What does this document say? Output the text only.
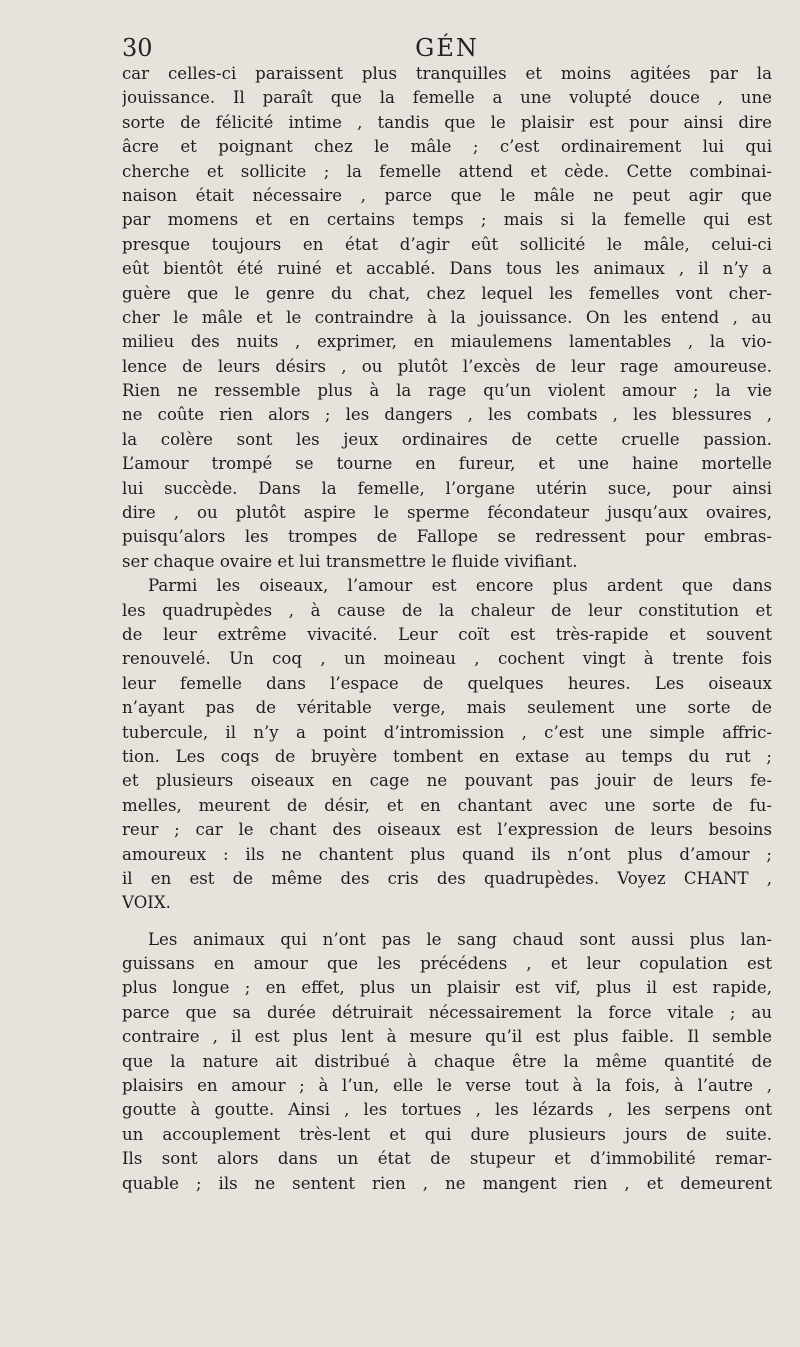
30	GÉN
car celles-ci paraissent plus tranquilles et moins agitées par la
jouissance. Il paraît que la femelle a une volupté douce , une
sorte de félicité intime , tandis que le plaisir est pour ainsi dire
âcre et poignant chez le mâle ; c’est ordinairement lui qui
cherche et sollicite ; la femelle attend et cède. Cette combinai-
naison était nécessaire , parce que le mâle ne peut agir que
par momens et en certains temps ; mais si la femelle qui est
presque toujours en état d’agir eût sollicité le mâle, celui-ci
eût bientôt été ruiné et accablé. Dans tous les animaux , il n’y a
guère que le genre du chat, chez lequel les femelles vont cher-
cher le mâle et le contraindre à la jouissance. On les entend , au
milieu des nuits , exprimer, en miaulemens lamentables , la vio-
lence de leurs désirs , ou plutôt l’excès de leur rage amoureuse.
Rien ne ressemble plus à la rage qu’un violent amour ; la vie
ne coûte rien alors ; les dangers , les combats , les blessures ,
la colère sont les jeux ordinaires de cette cruelle passion.
L’amour trompé se tourne en fureur, et une haine mortelle
lui succède. Dans la femelle, l’organe utérin suce, pour ainsi
dire , ou plutôt aspire le sperme fécondateur jusqu’aux ovaires,
puisqu’alors les trompes de Fallope se redressent pour embras-
ser chaque ovaire et lui transmettre le fluide vivifiant.
Parmi les oiseaux, l’amour est encore plus ardent que dans
les quadrupèdes , à cause de la chaleur de leur constitution et
de leur extrême vivacité. Leur coït est très-rapide et souvent
renouvelé. Un coq , un moineau , cochent vingt à trente fois
leur femelle dans l’espace de quelques heures. Les oiseaux
n’ayant pas de véritable verge, mais seulement une sorte de
tubercule, il n’y a point d’intromission , c’est une simple affric-
tion. Les coqs de bruyère tombent en extase au temps du rut ;
et plusieurs oiseaux en cage ne pouvant pas jouir de leurs fe-
melles, meurent de désir, et en chantant avec une sorte de fu-
reur ; car le chant des oiseaux est l’expression de leurs besoins
amoureux : ils ne chantent plus quand ils n’ont plus d’amour ;
il en est de même des cris des quadrupèdes. Voyez CHANT ,
VOIX.
Les animaux qui n’ont pas le sang chaud sont aussi plus lan-
guissans en amour que les précédens , et leur copulation est
plus longue ; en effet, plus un plaisir est vif, plus il est rapide,
parce que sa durée détruirait nécessairement la force vitale ; au
contraire , il est plus lent à mesure qu’il est plus faible. Il semble
que la nature ait distribué à chaque être la même quantité de
plaisirs en amour ; à l’un, elle le verse tout à la fois, à l’autre ,
goutte à goutte. Ainsi , les tortues , les lézards , les serpens ont
un accouplement très-lent et qui dure plusieurs jours de suite.
Ils sont alors dans un état de stupeur et d’immobilité remar-
quable ; ils ne sentent rien , ne mangent rien , et demeurent
